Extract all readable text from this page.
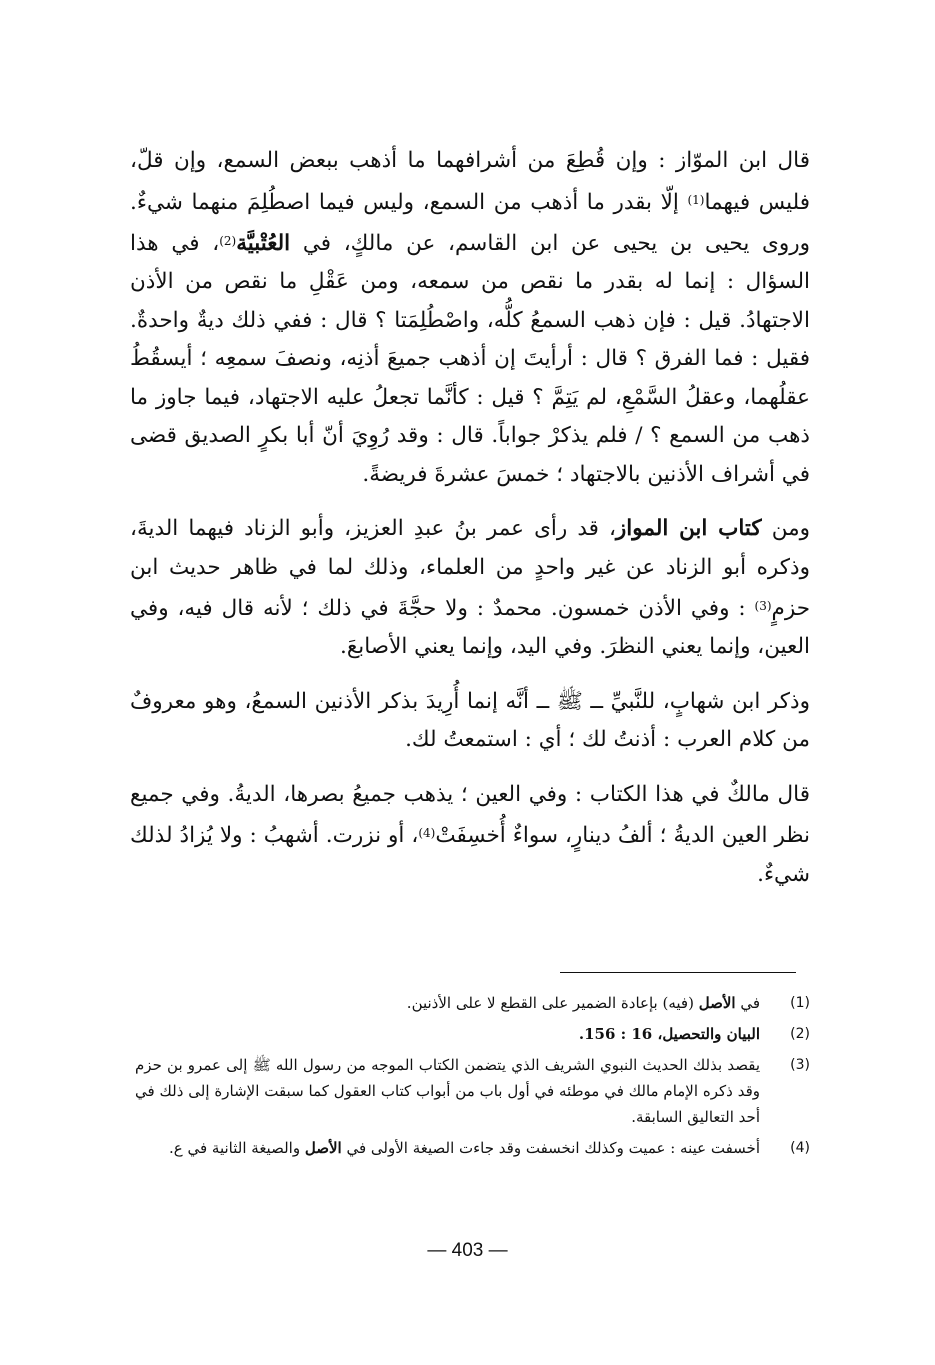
قال ابن الموّاز : وإن قُطِعَ من أشرافهما ما أذهب ببعض السمع، وإن قلّ، فليس فيهما$^{(1)}$ إلّا بقدر ما أذهب من السمع، وليس فيما اصطُلِمَ منهما شيءٌ. وروى يحيى بن يحيى عن ابن القاسم، عن مالكٍ، في العُتْبيَّة$^{(2)}$، في هذا السؤال : إنما له بقدر ما نقص من سمعه، ومن عَقْلِ ما نقص من الأذن الاجتهادُ. قيل : فإن ذهب السمعُ كلُّه، واصْطُلِمَتا ؟ قال : ففي ذلك ديةٌ واحدةٌ. فقيل : فما الفرق ؟ قال : أرأيتَ إن أذهب جميعَ أذنِه، ونصفَ سمعِه ؛ أيسقُطُ عقلُهما، وعقلُ السَّمْعِ، لم يَتِمَّ ؟ قيل : كأنَّما تجعلُ عليه الاجتهاد، فيما جاوز ما ذهب من السمع ؟ / فلم يذكرْ جواباً. قال : وقد رُوِيَ أنّ أبا بكرٍ الصديق قضى في أشراف الأذنين بالاجتهاد ؛ خمسَ عشرةَ فريضةً.

ومن كتاب ابن المواز، قد رأى عمر بنُ عبدِ العزيز، وأبو الزناد فيهما الديةَ، وذكره أبو الزناد عن غير واحدٍ من العلماء، وذلك لما في ظاهر حديث ابن حزمٍ$^{(3)}$ : وفي الأذن خمسون. محمدٌ : ولا حجَّةَ في ذلك ؛ لأنه قال فيه، وفي العين، وإنما يعني النظرَ. وفي اليد، وإنما يعني الأصابعَ.

وذكر ابن شهابٍ، للنَّبيِّ ــ ﷺ ــ أنَّه إنما أُرِيدَ بذكر الأذنين السمعُ، وهو معروفٌ من كلام العرب : أذنتُ لك ؛ أي : استمعتُ لك.

قال مالكٌ في هذا الكتاب : وفي العين ؛ يذهب جميعُ بصرها، الديةُ. وفي جميع نظر العين الديةُ ؛ ألفُ دينارٍ، سواءٌ أُخسِفَتْ$^{(4)}$، أو نزرت. أشهبُ : ولا يُزادُ لذلك شيءٌ.

(1)
في الأصل (فيه) بإعادة الضمير على القطع لا على الأذنين.
(2)
البيان والتحصيل، 16 : 156.
(3)
يقصد بذلك الحديث النبوي الشريف الذي يتضمن الكتاب الموجه من رسول الله ﷺ إلى عمرو بن حزم وقد ذكره الإمام مالك في موطئه في أول باب من أبواب كتاب العقول كما سبقت الإشارة إلى ذلك في أحد التعاليق السابقة.
(4)
أخسفت عينه : عميت وكذلك انخسفت وقد جاءت الصيغة الأولى في الأصل والصيغة الثانية في ع.
— 403 —
